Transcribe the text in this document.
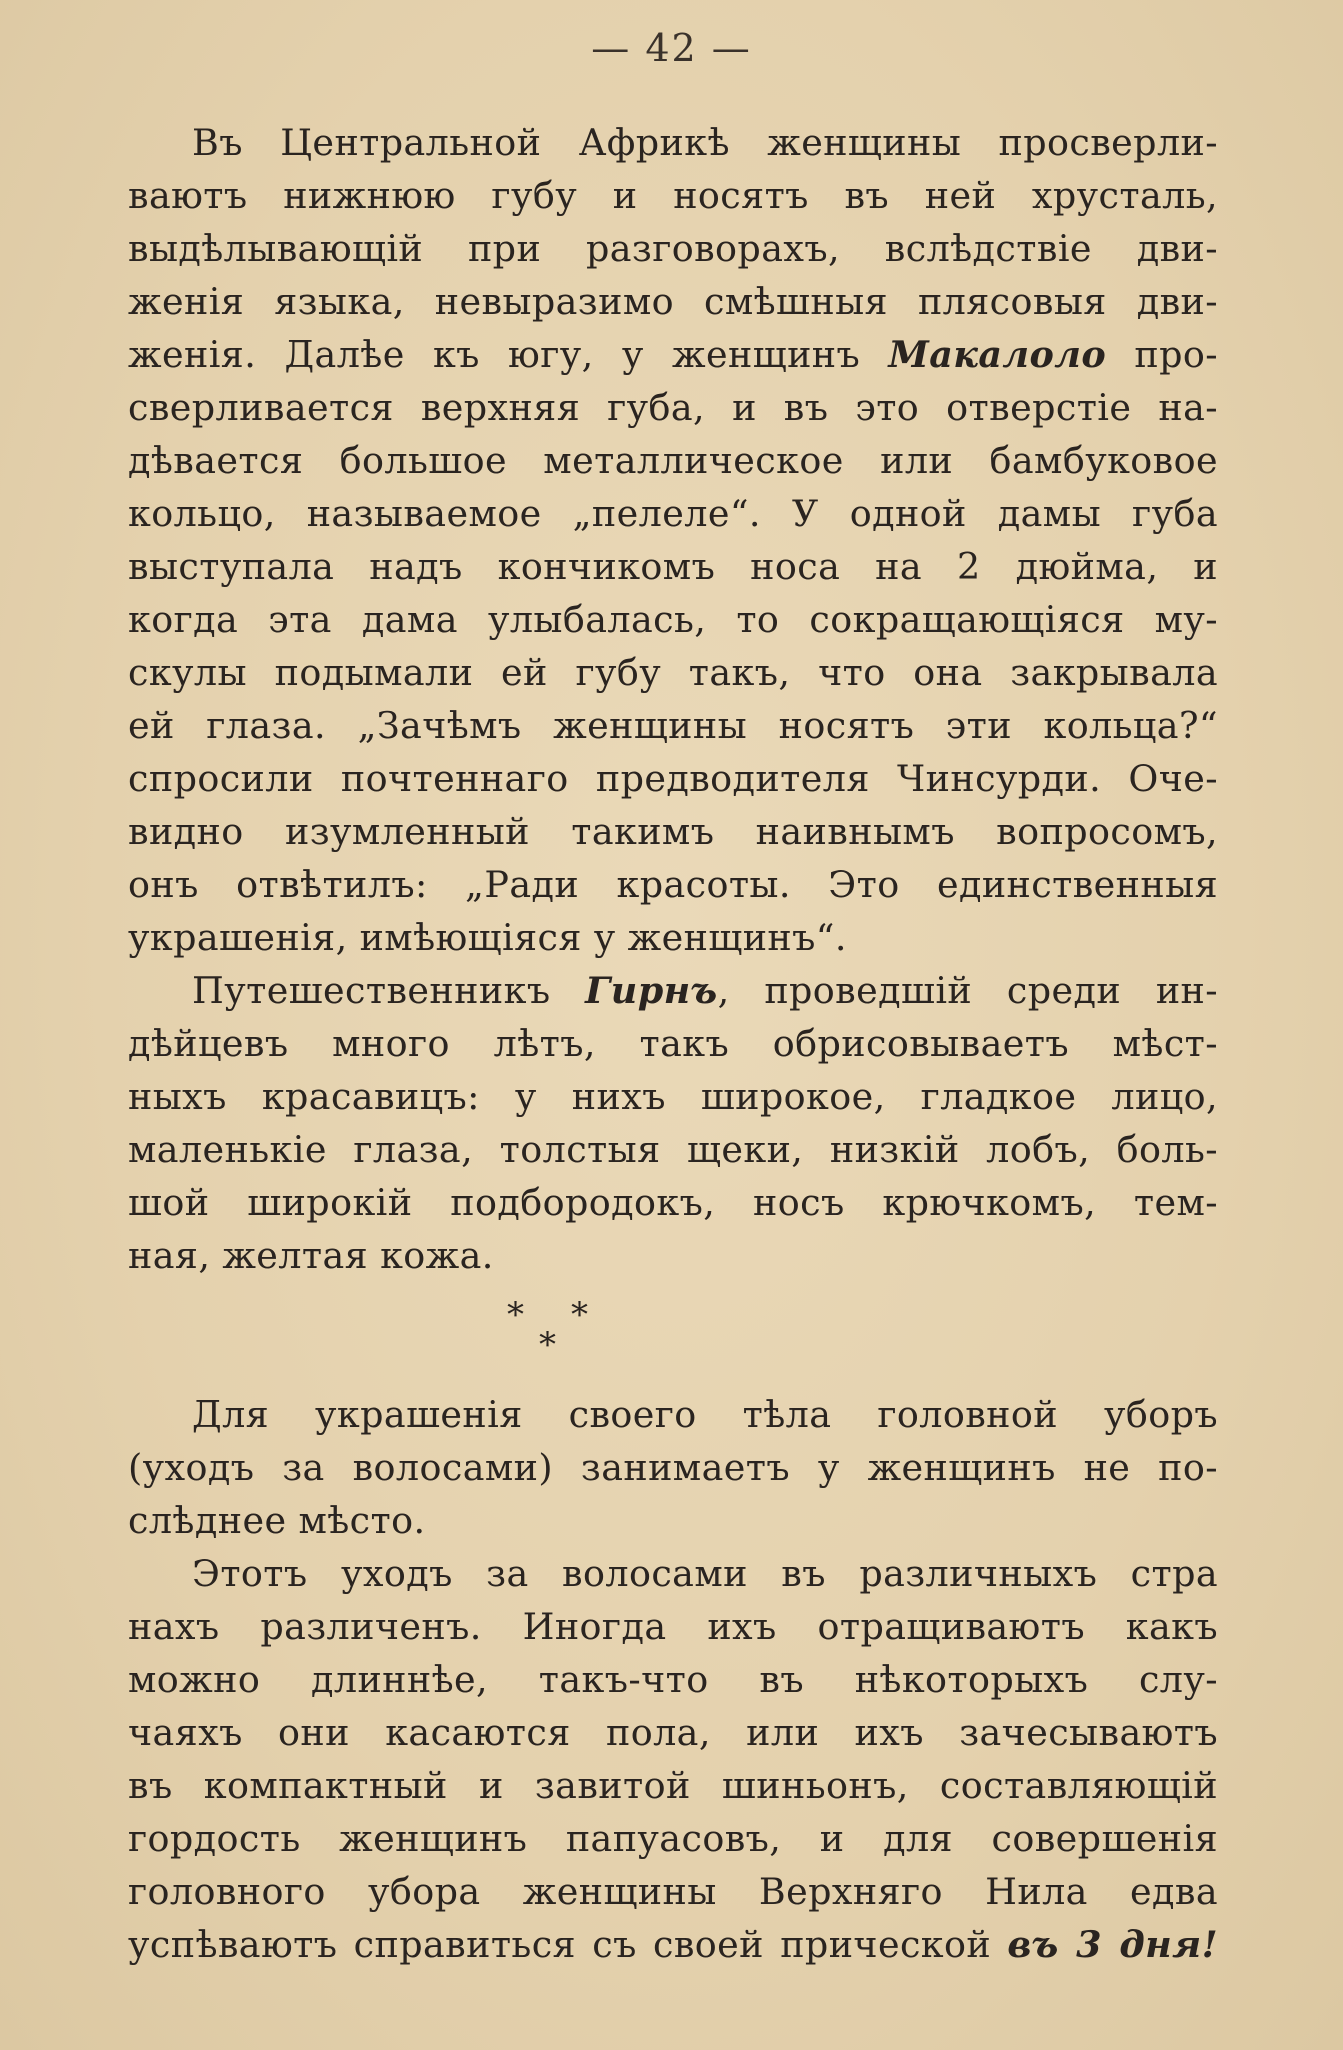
— 42 —
Въ Центральной Африкѣ женщины просверли-
ваютъ нижнюю губу и носятъ въ ней хрусталь,
выдѣлывающій при разговорахъ, вслѣдствіе дви-
женія языка, невыразимо смѣшныя плясовыя дви-
женія. Далѣе къ югу, у женщинъ Макалоло про-
сверливается верхняя губа, и въ это отверстіе на-
дѣвается большое металлическое или бамбуковое
кольцо, называемое „пелеле“. У одной дамы губа
выступала надъ кончикомъ носа на 2 дюйма, и
когда эта дама улыбалась, то сокращающіяся му-
скулы подымали ей губу такъ, что она закрывала
ей глаза. „Зачѣмъ женщины носятъ эти кольца?“
спросили почтеннаго предводителя Чинсурди. Оче-
видно изумленный такимъ наивнымъ вопросомъ,
онъ отвѣтилъ: „Ради красоты. Это единственныя
украшенія, имѣющіяся у женщинъ“.
Путешественникъ Гирнъ, проведшій среди ин-
дѣйцевъ много лѣтъ, такъ обрисовываетъ мѣст-
ныхъ красавицъ: у нихъ широкое, гладкое лицо,
маленькіе глаза, толстыя щеки, низкій лобъ, боль-
шой широкій подбородокъ, носъ крючкомъ, тем-
ная, желтая кожа.
* *
*
Для украшенія своего тѣла головной уборъ
(уходъ за волосами) занимаетъ у женщинъ не по-
слѣднее мѣсто.
Этотъ уходъ за волосами въ различныхъ стра
нахъ различенъ. Иногда ихъ отращиваютъ какъ
можно длиннѣе, такъ-что въ нѣкоторыхъ слу-
чаяхъ они касаются пола, или ихъ зачесываютъ
въ компактный и завитой шиньонъ, составляющій
гордость женщинъ папуасовъ, и для совершенія
головного убора женщины Верхняго Нила едва
успѣваютъ справиться съ своей прической въ 3 дня!
